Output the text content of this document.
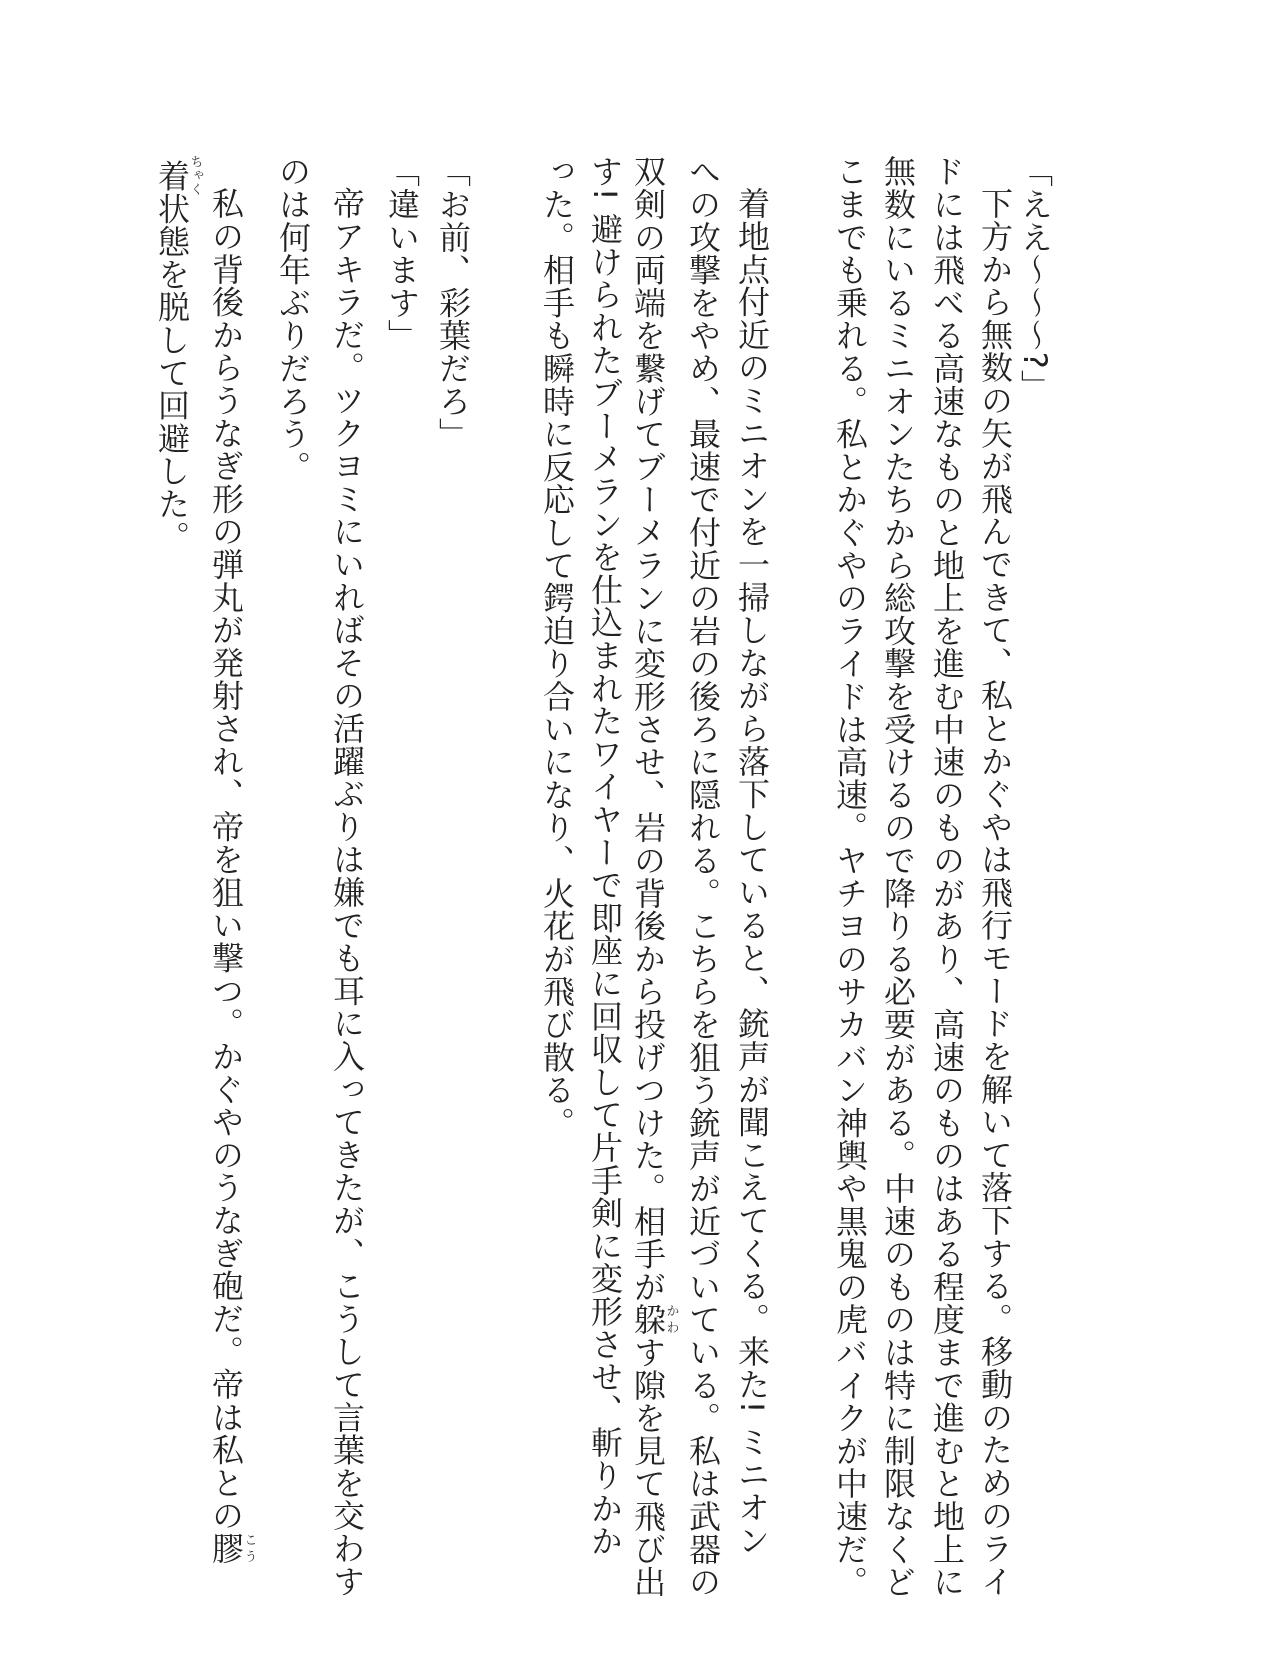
「ええ〜〜〜?」
下方から無数の矢が飛んできて、私とかぐやは飛行モードを解いて落下する。移動のためのライ
ドには飛べる高速なものと地上を進む中速のものがあり、高速のものはある程度まで進むと地上に
無数にいるミニオンたちから総攻撃を受けるので降りる必要がある。中速のものは特に制限なくど
こまでも乗れる。私とかぐやのライドは高速。ヤチヨのサカバン神輿や黒鬼の虎バイクが中速だ。
着地点付近のミニオンを一掃しながら落下していると、銃声が聞こえてくる。来た! ミニオン
への攻撃をやめ、最速で付近の岩の後ろに隠れる。こちらを狙う銃声が近づいている。私は武器の
双剣の両端を繋げてブーメランに変形させ、岩の背後から投げつけた。相手が躱かわす隙を見て飛び出
す! 避けられたブーメランを仕込まれたワイヤーで即座に回収して片手剣に変形させ、斬りかか
った。相手も瞬時に反応して鍔迫り合いになり、火花が飛び散る。
「お前、彩葉だろ」
「違います」
帝アキラだ。ツクヨミにいればその活躍ぶりは嫌でも耳に入ってきたが、こうして言葉を交わす
のは何年ぶりだろう。
私の背後からうなぎ形の弾丸が発射され、帝を狙い撃つ。かぐやのうなぎ砲だ。帝は私との膠こう
着ちゃく状態を脱して回避した。
